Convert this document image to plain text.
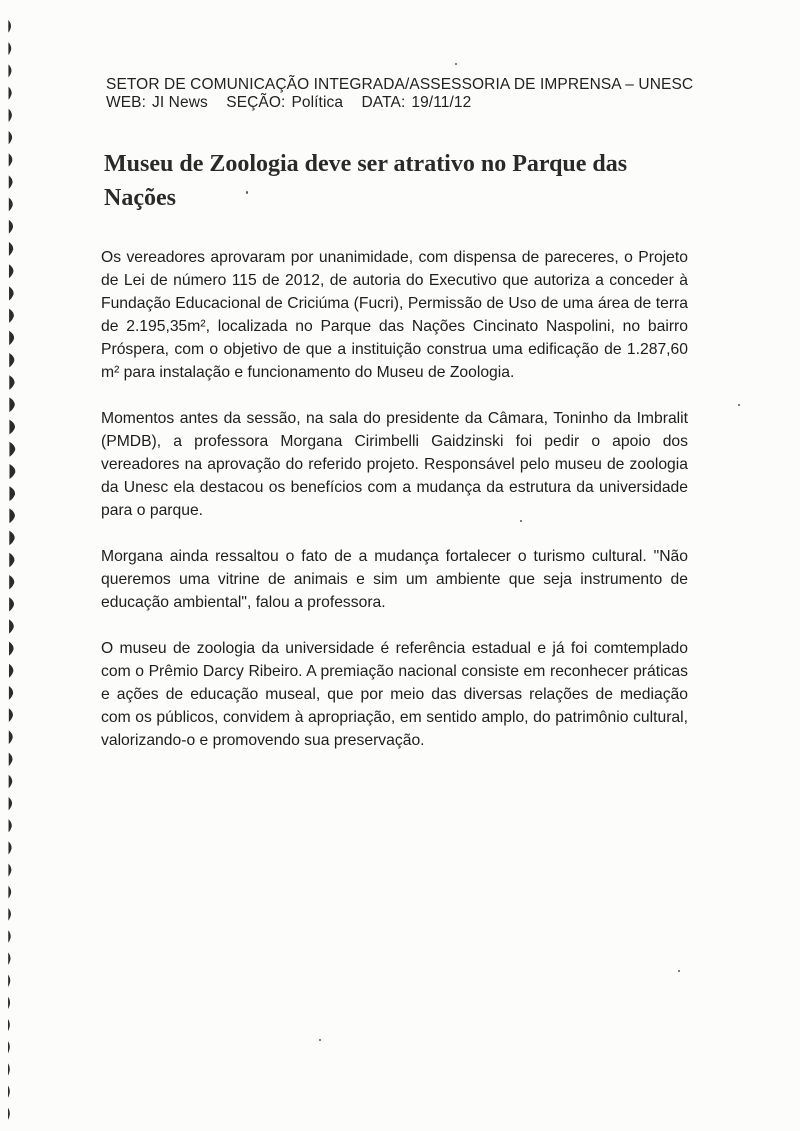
SETOR DE COMUNICAÇÃO INTEGRADA/ASSESSORIA DE IMPRENSA – UNESC
WEB: JI News SEÇÃO: Política DATA: 19/11/12
Museu de Zoologia deve ser atrativo no Parque das Nações

Os vereadores aprovaram por unanimidade, com dispensa de pareceres, o Projeto de Lei de número 115 de 2012, de autoria do Executivo que autoriza a conceder à Fundação Educacional de Criciúma (Fucri), Permissão de Uso de uma área de terra de 2.195,35m², localizada no Parque das Nações Cincinato Naspolini, no bairro Próspera, com o objetivo de que a instituição construa uma edificação de 1.287,60 m² para instalação e funcionamento do Museu de Zoologia.

Momentos antes da sessão, na sala do presidente da Câmara, Toninho da Imbralit (PMDB), a professora Morgana Cirimbelli Gaidzinski foi pedir o apoio dos vereadores na aprovação do referido projeto. Responsável pelo museu de zoologia da Unesc ela destacou os benefícios com a mudança da estrutura da universidade para o parque.

Morgana ainda ressaltou o fato de a mudança fortalecer o turismo cultural. "Não queremos uma vitrine de animais e sim um ambiente que seja instrumento de educação ambiental", falou a professora.

O museu de zoologia da universidade é referência estadual e já foi comtemplado com o Prêmio Darcy Ribeiro. A premiação nacional consiste em reconhecer práticas e ações de educação museal, que por meio das diversas relações de mediação com os públicos, convidem à apropriação, em sentido amplo, do patrimônio cultural, valorizando-o e promovendo sua preservação.
